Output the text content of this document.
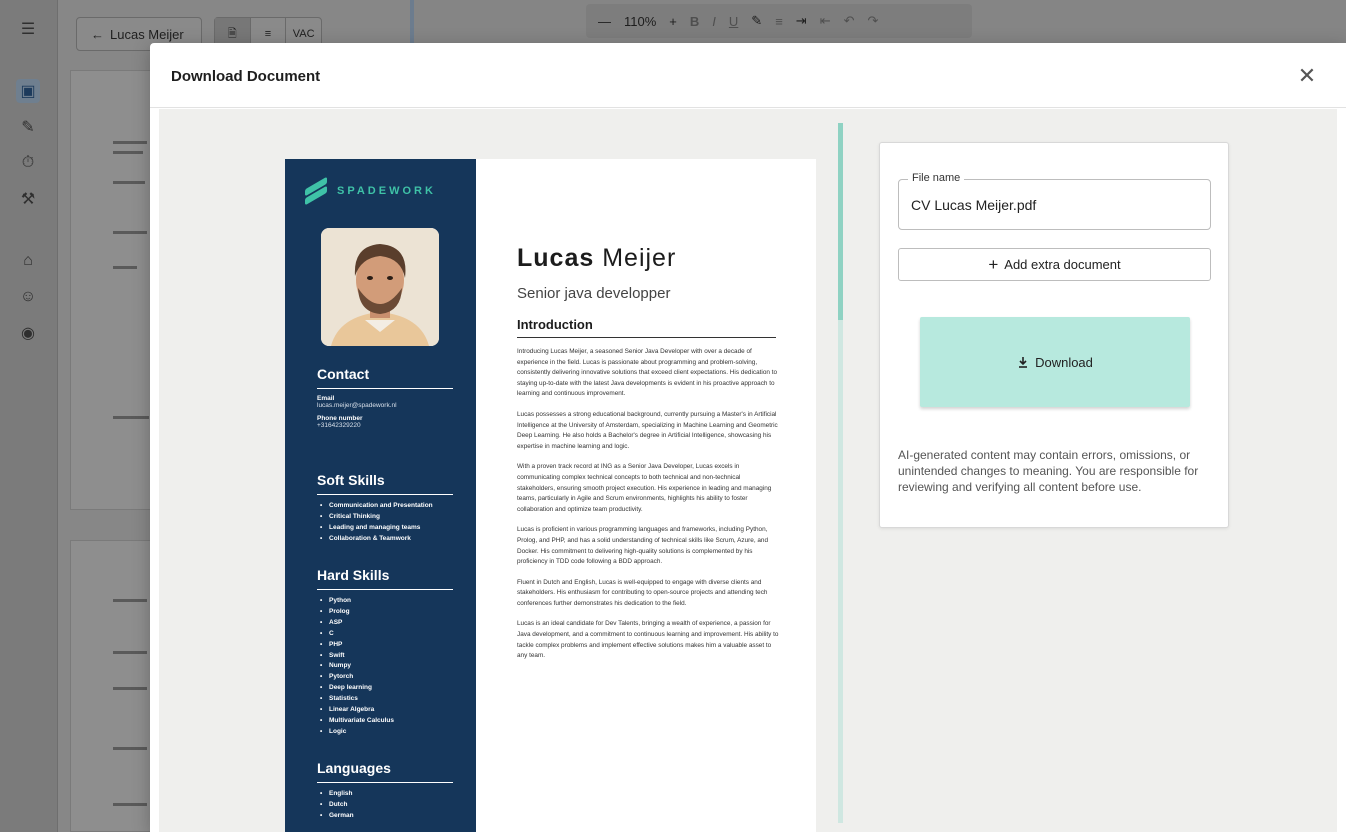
☰
▣
✎
⏱
⚒
⌂
☺
◉
← Lucas Meijer	🗎	≡	VAC
— 110% + B I U ✎ ≡ ⇥ ⇤ ↶ ↷
Download Document	✕
SPADEWORK
Contact
Email
lucas.meijer@spadework.nl
Phone number
+31642329220
Soft Skills
• Communication and Presentation
• Critical Thinking
• Leading and managing teams
• Collaboration & Teamwork
Hard Skills
• Python
• Prolog
• ASP
• C
• PHP
• Swift
• Numpy
• Pytorch
• Deep learning
• Statistics
• Linear Algebra
• Multivariate Calculus
• Logic
Languages
• English
• Dutch
• German
Lucas Meijer
Senior java developper
Introduction

Introducing Lucas Meijer, a seasoned Senior Java Developer with over a decade of experience in the field. Lucas is passionate about programming and problem-solving, consistently delivering innovative solutions that exceed client expectations. His dedication to staying up-to-date with the latest Java developments is evident in his proactive approach to learning and continuous improvement.

Lucas possesses a strong educational background, currently pursuing a Master's in Artificial Intelligence at the University of Amsterdam, specializing in Machine Learning and Geometric Deep Learning. He also holds a Bachelor's degree in Artificial Intelligence, showcasing his expertise in machine learning and logic.

With a proven track record at ING as a Senior Java Developer, Lucas excels in communicating complex technical concepts to both technical and non-technical stakeholders, ensuring smooth project execution. His experience in leading and managing teams, particularly in Agile and Scrum environments, highlights his ability to foster collaboration and optimize team productivity.

Lucas is proficient in various programming languages and frameworks, including Python, Prolog, and PHP, and has a solid understanding of technical skills like Scrum, Azure, and Docker. His commitment to delivering high-quality solutions is complemented by his proficiency in TDD code following a BDD approach.

Fluent in Dutch and English, Lucas is well-equipped to engage with diverse clients and stakeholders. His enthusiasm for contributing to open-source projects and attending tech conferences further demonstrates his dedication to the field.

Lucas is an ideal candidate for Dev Talents, bringing a wealth of experience, a passion for Java development, and a commitment to continuous learning and improvement. His ability to tackle complex problems and implement effective solutions makes him a valuable asset to any team.

File name
CV Lucas Meijer.pdf
+ Add extra document
Download
AI-generated content may contain errors, omissions, or unintended changes to meaning. You are responsible for reviewing and verifying all content before use.
